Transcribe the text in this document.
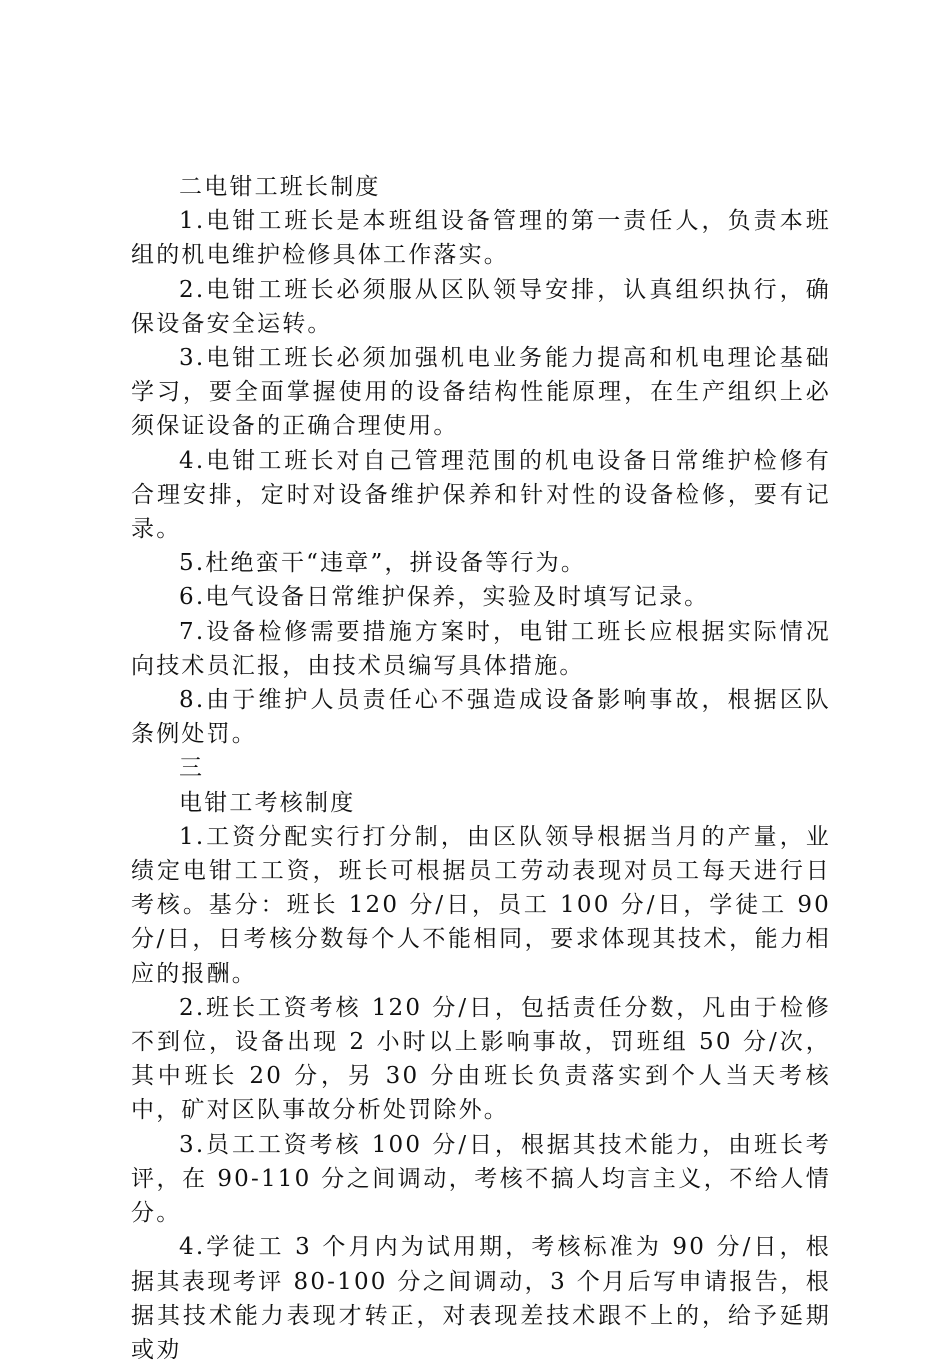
二电钳工班长制度

1.电钳工班长是本班组设备管理的第一责任人，负责本班组的机电维护检修具体工作落实。

2.电钳工班长必须服从区队领导安排，认真组织执行，确保设备安全运转。

3.电钳工班长必须加强机电业务能力提高和机电理论基础学习，要全面掌握使用的设备结构性能原理，在生产组织上必须保证设备的正确合理使用。

4.电钳工班长对自己管理范围的机电设备日常维护检修有合理安排，定时对设备维护保养和针对性的设备检修，要有记录。

5.杜绝蛮干“违章”，拼设备等行为。

6.电气设备日常维护保养，实验及时填写记录。

7.设备检修需要措施方案时，电钳工班长应根据实际情况向技术员汇报，由技术员编写具体措施。

8.由于维护人员责任心不强造成设备影响事故，根据区队条例处罚。

三

电钳工考核制度

1.工资分配实行打分制，由区队领导根据当月的产量，业绩定电钳工工资，班长可根据员工劳动表现对员工每天进行日考核。基分：班长 120 分/日，员工 100 分/日，学徒工 90 分/日，日考核分数每个人不能相同，要求体现其技术，能力相应的报酬。

2.班长工资考核 120 分/日，包括责任分数，凡由于检修不到位，设备出现 2 小时以上影响事故，罚班组 50 分/次，其中班长 20 分，另 30 分由班长负责落实到个人当天考核中，矿对区队事故分析处罚除外。

3.员工工资考核 100 分/日，根据其技术能力，由班长考评，在 90-110 分之间调动，考核不搞人均言主义，不给人情分。

4.学徒工 3 个月内为试用期，考核标准为 90 分/日，根据其表现考评 80-100 分之间调动，3 个月后写申请报告，根据其技术能力表现才转正，对表现差技术跟不上的，给予延期或劝
